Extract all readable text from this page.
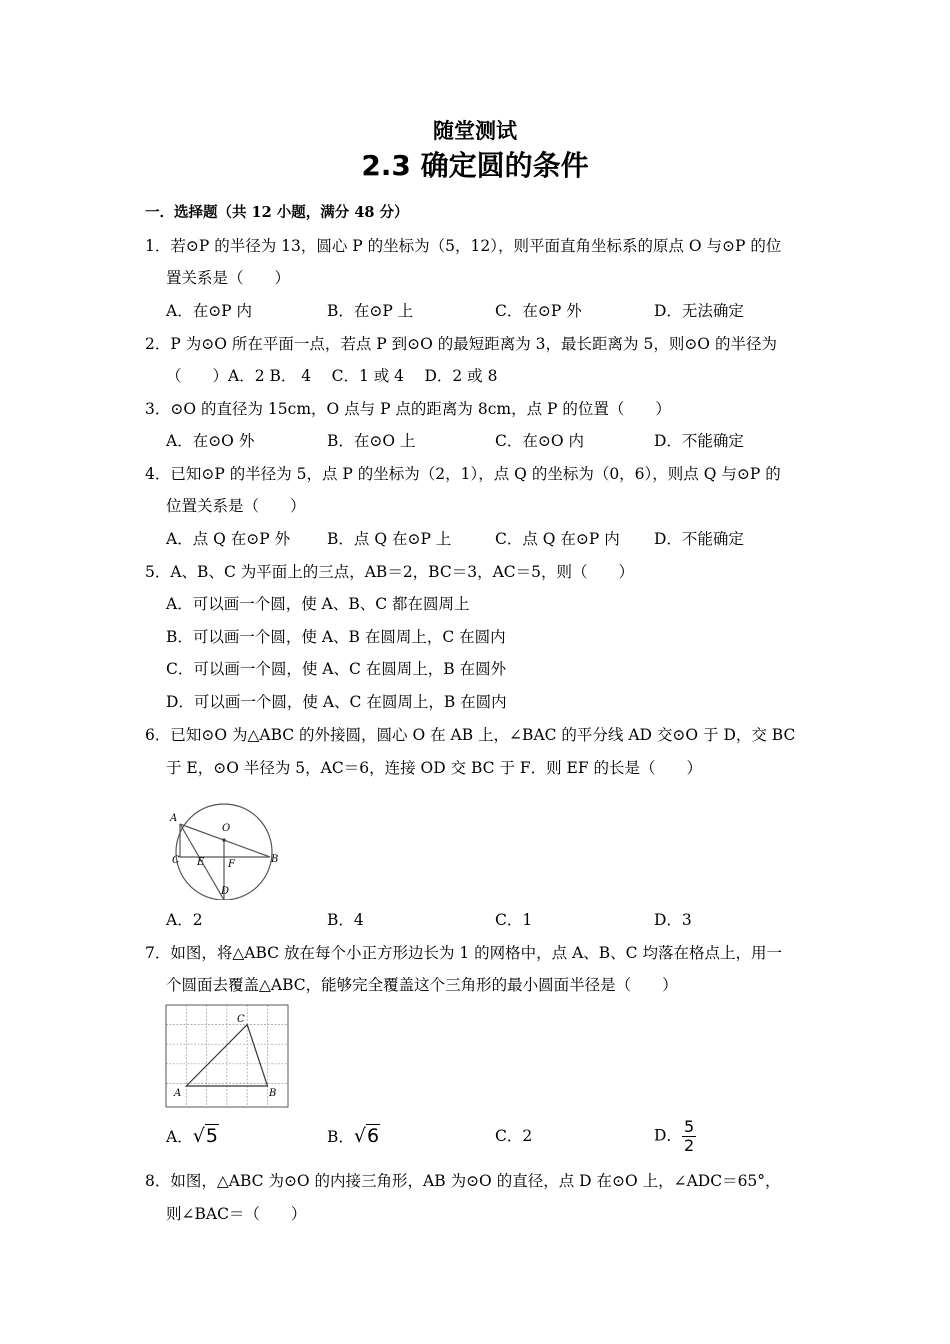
随堂测试
2.3 确定圆的条件
一．选择题（共 12 小题，满分 48 分）
1．若⊙P 的半径为 13，圆心 P 的坐标为（5，12），则平面直角坐标系的原点 O 与⊙P 的位
置关系是（　　）
A．在⊙P 内	B．在⊙P 上	C．在⊙P 外	D．无法确定
2．P 为⊙O 所在平面一点，若点 P 到⊙O 的最短距离为 3，最长距离为 5，则⊙O 的半径为
（　　）A．2 B． 4　 C．1 或 4　 D．2 或 8
3．⊙O 的直径为 15cm，O 点与 P 点的距离为 8cm，点 P 的位置（　　）
A．在⊙O 外	B．在⊙O 上	C．在⊙O 内	D．不能确定
4．已知⊙P 的半径为 5，点 P 的坐标为（2，1），点 Q 的坐标为（0，6），则点 Q 与⊙P 的
位置关系是（　　）
A．点 Q 在⊙P 外 B．点 Q 在⊙P 上	C．点 Q 在⊙P 内 D．不能确定
5．A、B、C 为平面上的三点，AB＝2，BC＝3，AC＝5，则（　　）
A．可以画一个圆，使 A、B、C 都在圆周上
B．可以画一个圆，使 A、B 在圆周上，C 在圆内
C．可以画一个圆，使 A、C 在圆周上，B 在圆外
D．可以画一个圆，使 A、C 在圆周上，B 在圆内
6．已知⊙O 为△ABC 的外接圆，圆心 O 在 AB 上，∠BAC 的平分线 AD 交⊙O 于 D，交 BC
于 E，⊙O 半径为 5，AC＝6，连接 OD 交 BC 于 F．则 EF 的长是（　　）
A
O
C E F	B
D
A．2	B．4	C．1	D．3
7．如图，将△ABC 放在每个小正方形边长为 1 的网格中，点 A、B、C 均落在格点上，用一
个圆面去覆盖△ABC，能够完全覆盖这个三角形的最小圆面半径是（　　）
C
A	B
A．√5	B．√6	C．2	D． $\frac{5}{2}$
8．如图，△ABC 为⊙O 的内接三角形，AB 为⊙O 的直径，点 D 在⊙O 上，∠ADC＝65°，
则∠BAC＝（　　）
